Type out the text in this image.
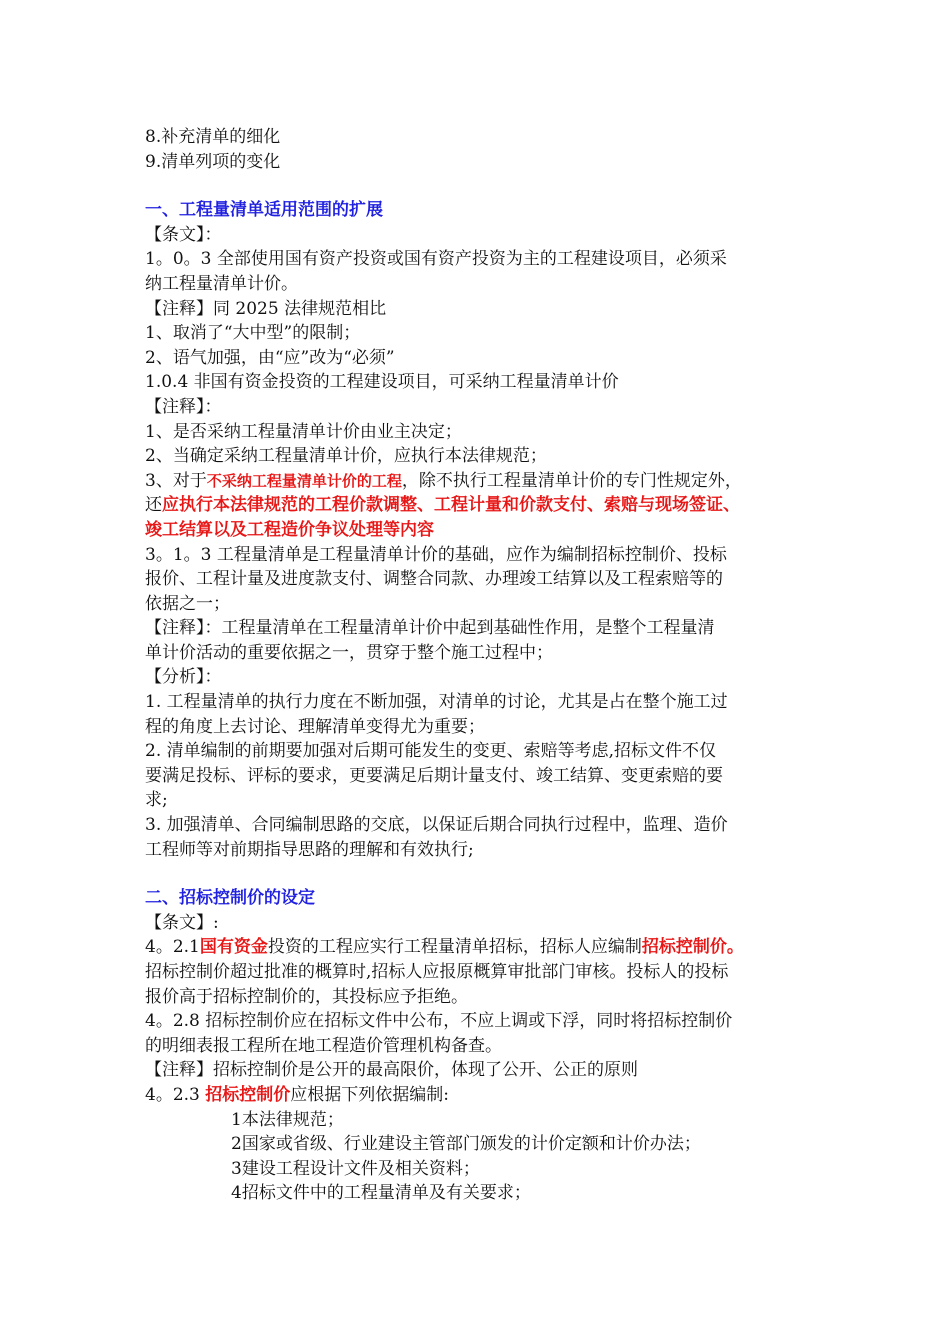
8.补充清单的细化

9.清单列项的变化

一、工程量清单适用范围的扩展

【条文】：

1。0。3 全部使用国有资产投资或国有资产投资为主的工程建设项目，必须采

纳工程量清单计价。

【注释】同 2025 法律规范相比

1、取消了“大中型”的限制；

2、语气加强，由“应”改为“必须”

1.0.4 非国有资金投资的工程建设项目，可采纳工程量清单计价

【注释】：

1、是否采纳工程量清单计价由业主决定；

2、当确定采纳工程量清单计价，应执行本法律规范；

3、对于不采纳工程量清单计价的工程，除不执行工程量清单计价的专门性规定外，

还应执行本法律规范的工程价款调整、工程计量和价款支付、索赔与现场签证、

竣工结算以及工程造价争议处理等内容

3。1。3 工程量清单是工程量清单计价的基础，应作为编制招标控制价、投标

报价、工程计量及进度款支付、调整合同款、办理竣工结算以及工程索赔等的

依据之一；

【注释】：工程量清单在工程量清单计价中起到基础性作用，是整个工程量清

单计价活动的重要依据之一，贯穿于整个施工过程中；

【分析】：

1. 工程量清单的执行力度在不断加强，对清单的讨论，尤其是占在整个施工过

程的角度上去讨论、理解清单变得尤为重要；

2. 清单编制的前期要加强对后期可能发生的变更、索赔等考虑,招标文件不仅

要满足投标、评标的要求，更要满足后期计量支付、竣工结算、变更索赔的要

求;

3. 加强清单、合同编制思路的交底，以保证后期合同执行过程中，监理、造价

工程师等对前期指导思路的理解和有效执行;

二、招标控制价的设定

【条文】:

4。2.1国有资金投资的工程应实行工程量清单招标，招标人应编制招标控制价。

招标控制价超过批准的概算时,招标人应报原概算审批部门审核。投标人的投标

报价高于招标控制价的，其投标应予拒绝。

4。2.8 招标控制价应在招标文件中公布，不应上调或下浮，同时将招标控制价

的明细表报工程所在地工程造价管理机构备查。

【注释】招标控制价是公开的最高限价，体现了公开、公正的原则

4。2.3 招标控制价应根据下列依据编制:

1本法律规范；

2国家或省级、行业建设主管部门颁发的计价定额和计价办法；

3建设工程设计文件及相关资料；

4招标文件中的工程量清单及有关要求；
